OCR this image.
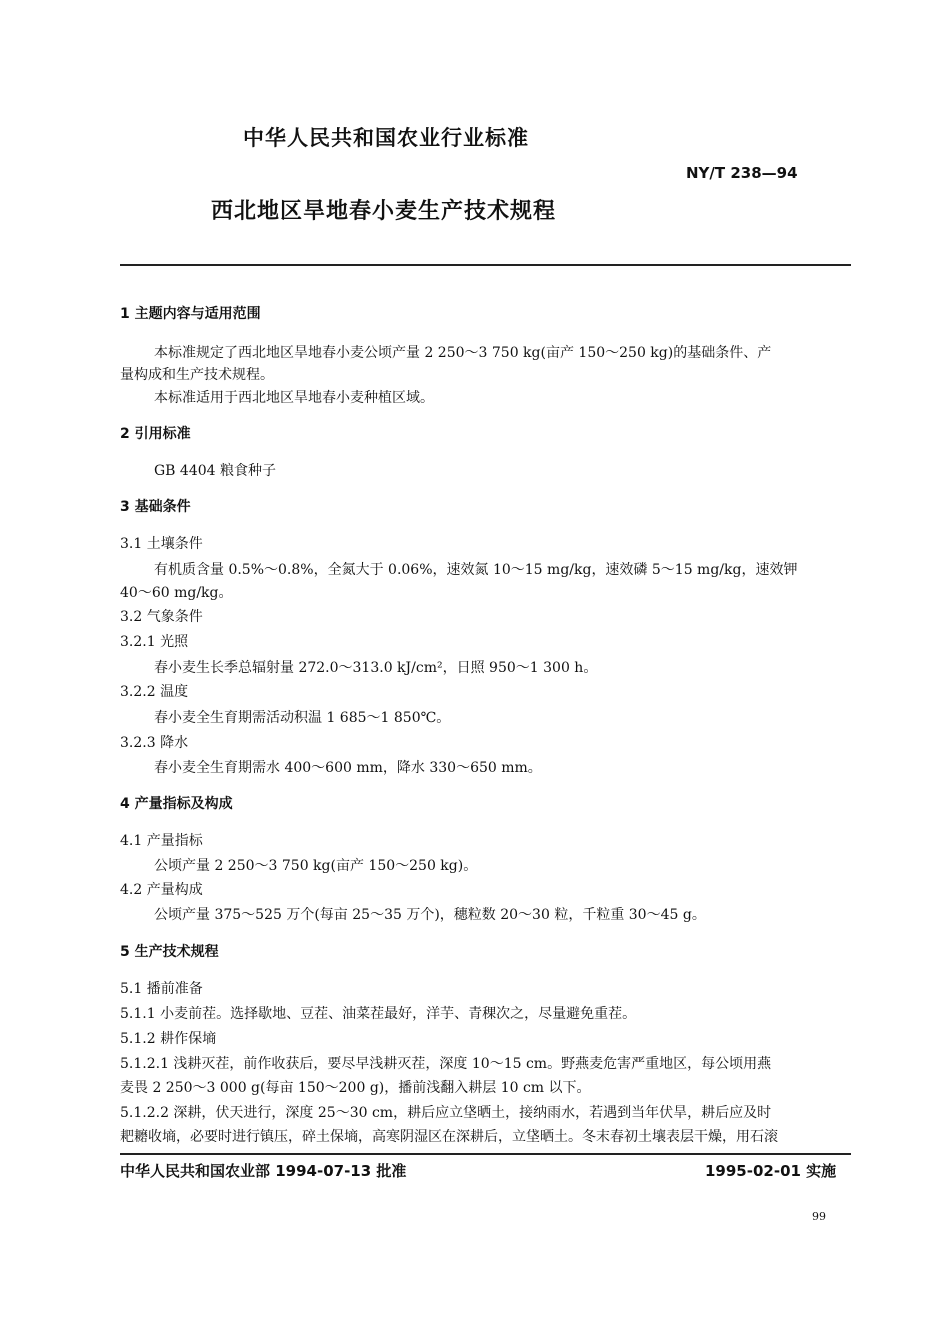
中华人民共和国农业行业标准
NY/T 238—94
西北地区旱地春小麦生产技术规程
1 主题内容与适用范围
本标准规定了西北地区旱地春小麦公顷产量 2 250～3 750 kg(亩产 150～250 kg)的基础条件、产
量构成和生产技术规程。
本标准适用于西北地区旱地春小麦种植区域。
2 引用标准
GB 4404 粮食种子
3 基础条件
3.1 土壤条件
有机质含量 0.5%～0.8%，全氮大于 0.06%，速效氮 10～15 mg/kg，速效磷 5～15 mg/kg，速效钾
40～60 mg/kg。
3.2 气象条件
3.2.1 光照
春小麦生长季总辐射量 272.0～313.0 kJ/cm²，日照 950～1 300 h。
3.2.2 温度
春小麦全生育期需活动积温 1 685～1 850℃。
3.2.3 降水
春小麦全生育期需水 400～600 mm，降水 330～650 mm。
4 产量指标及构成
4.1 产量指标
公顷产量 2 250～3 750 kg(亩产 150～250 kg)。
4.2 产量构成
公顷产量 375～525 万个(每亩 25～35 万个)，穗粒数 20～30 粒，千粒重 30～45 g。
5 生产技术规程
5.1 播前准备
5.1.1 小麦前茬。选择歇地、豆茬、油菜茬最好，洋芋、青稞次之，尽量避免重茬。
5.1.2 耕作保墒
5.1.2.1 浅耕灭茬，前作收获后，要尽早浅耕灭茬，深度 10～15 cm。野燕麦危害严重地区，每公顷用燕
麦畏 2 250～3 000 g(每亩 150～200 g)，播前浅翻入耕层 10 cm 以下。
5.1.2.2 深耕，伏天进行，深度 25～30 cm，耕后应立垡晒土，接纳雨水，若遇到当年伏旱，耕后应及时
耙耱收墒，必要时进行镇压，碎土保墒，高寒阴湿区在深耕后，立垡晒土。冬末春初土壤表层干燥，用石滚
中华人民共和国农业部 1994-07-13 批准	1995-02-01 实施
99
